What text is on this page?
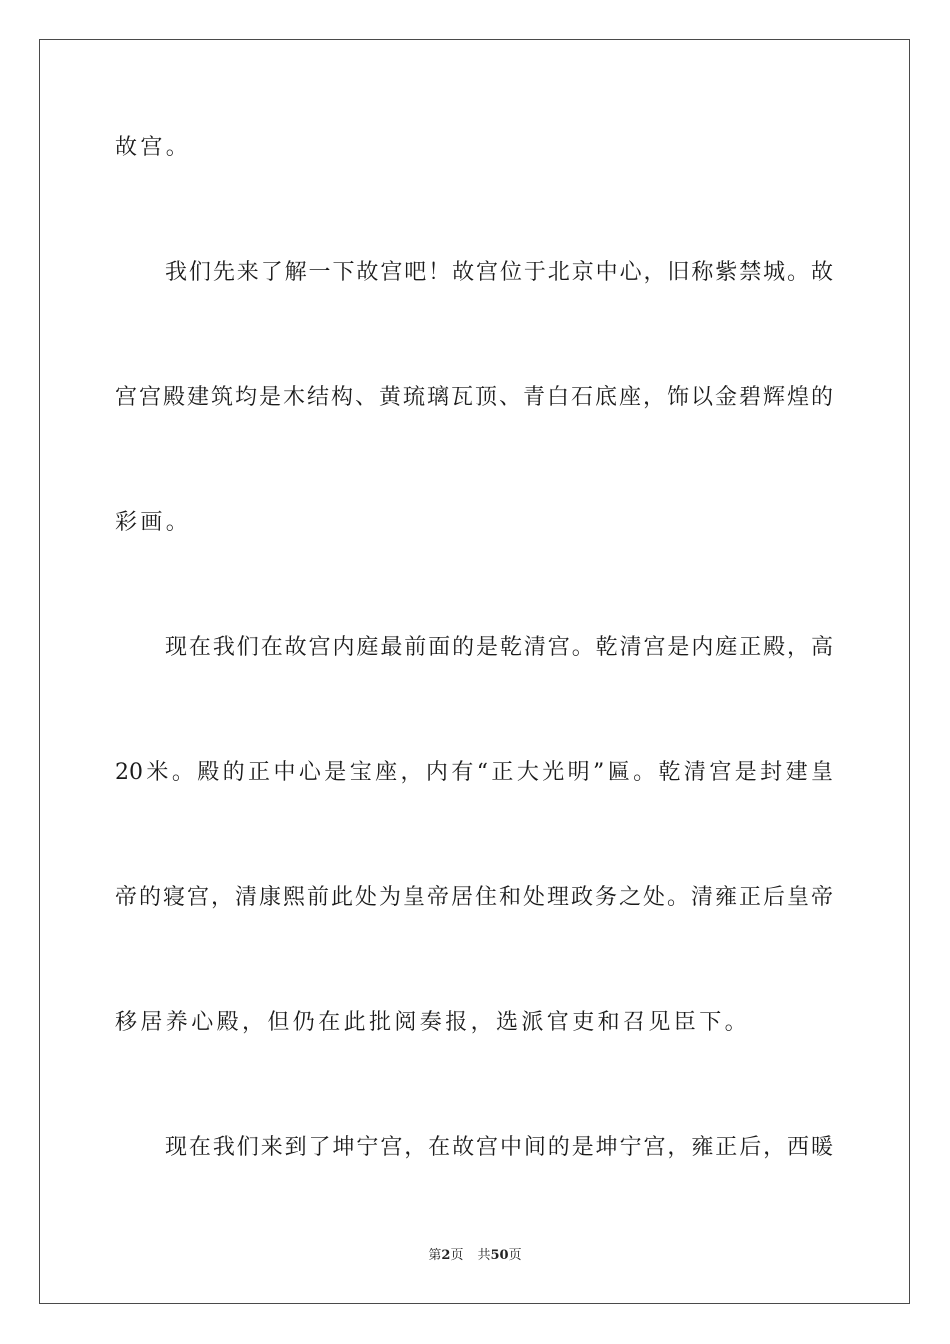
故宫。
我们先来了解一下故宫吧！故宫位于北京中心，旧称紫禁城。故
宫宫殿建筑均是木结构、黄琉璃瓦顶、青白石底座，饰以金碧辉煌的
彩画。
现在我们在故宫内庭最前面的是乾清宫。乾清宫是内庭正殿，高
20米。殿的正中心是宝座，内有“正大光明”匾。乾清宫是封建皇
帝的寝宫，清康熙前此处为皇帝居住和处理政务之处。清雍正后皇帝
移居养心殿，但仍在此批阅奏报，选派官吏和召见臣下。
现在我们来到了坤宁宫，在故宫中间的是坤宁宫，雍正后，西暖
第2页 共50页
